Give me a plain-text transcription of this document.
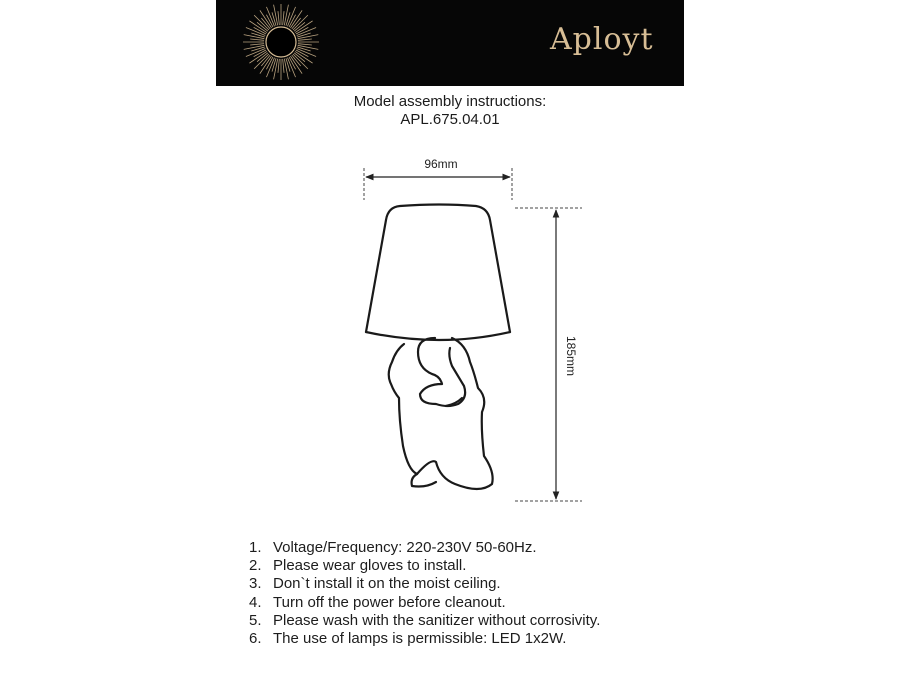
Aployt
Model assembly instructions:
APL.675.04.01
96mm
185mm
1. Voltage/Frequency: 220-230V 50-60Hz.
2. Please wear gloves to install.
3. Don`t install it on the moist ceiling.
4. Turn off the power before cleanout.
5. Please wash with the sanitizer without corrosivity.
6. The use of lamps is permissible: LED 1x2W.
